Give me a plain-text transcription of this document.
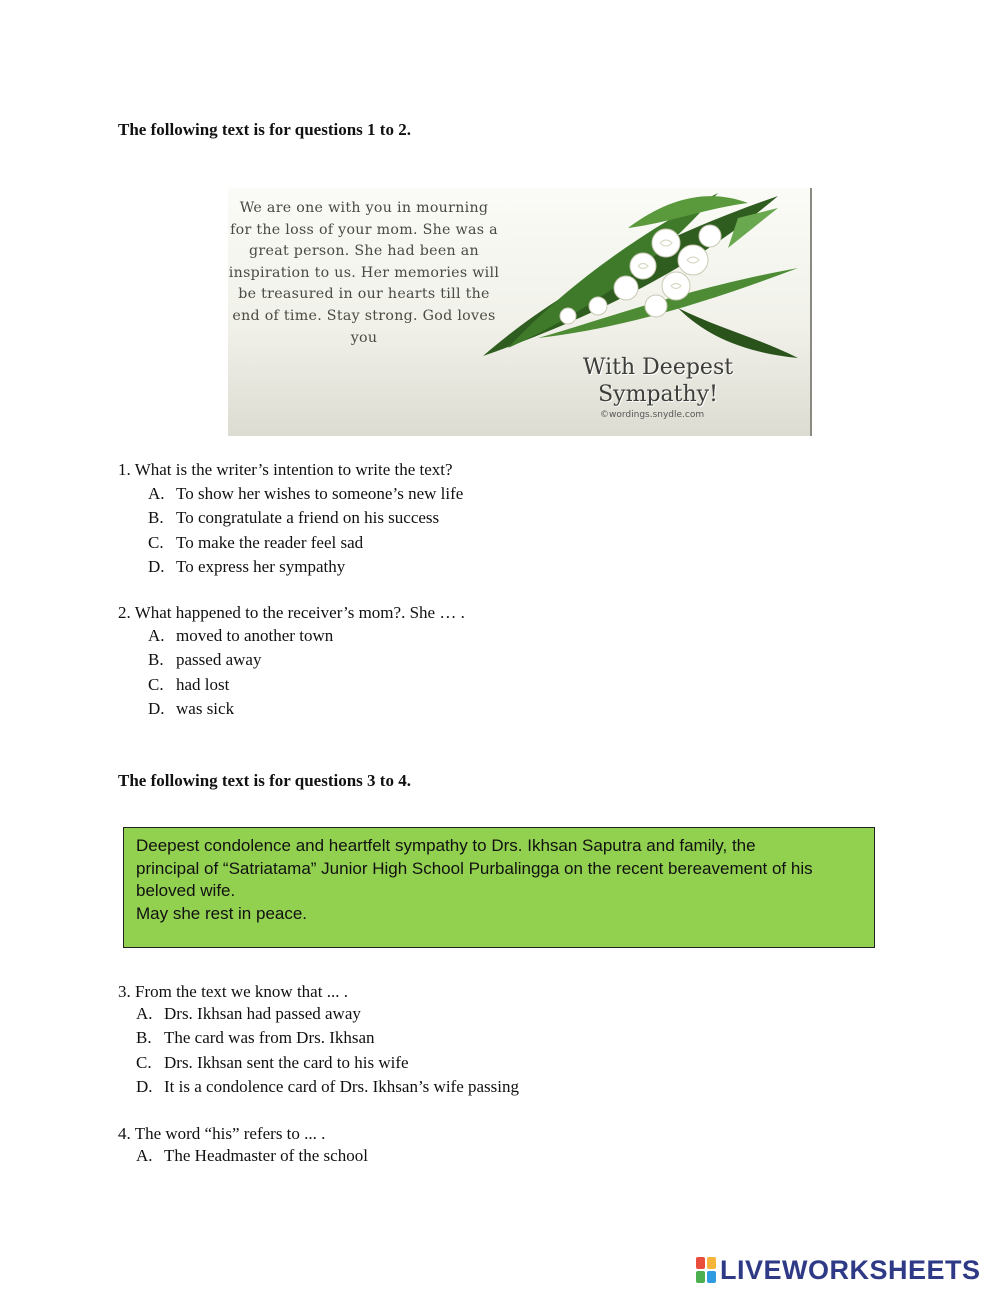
The following text is for questions 1 to 2.
We are one with you in mourning for the loss of your mom. She was a great person. She had been an inspiration to us. Her memories will be treasured in our hearts till the end of time. Stay strong. God loves you
With Deepest
Sympathy!
©wordings.snydle.com
1. What is the writer’s intention to write the text?
A. To show her wishes to someone’s new life
B. To congratulate a friend on his success
C. To make the reader feel sad
D. To express her sympathy
2. What happened to the receiver’s mom?. She … .
A. moved to another town
B. passed away
C. had lost
D. was sick
The following text is for questions 3 to 4.
Deepest condolence and heartfelt sympathy to Drs. Ikhsan Saputra and family, the
principal of “Satriatama” Junior High School Purbalingga on the recent bereavement of his
beloved wife.
May she rest in peace.
3. From the text we know that ... .
A. Drs. Ikhsan had passed away
B. The card was from Drs. Ikhsan
C. Drs. Ikhsan sent the card to his wife
D. It is a condolence card of Drs. Ikhsan’s wife passing
4. The word “his” refers to ... .
A. The Headmaster of the school
LIVEWORKSHEETS
